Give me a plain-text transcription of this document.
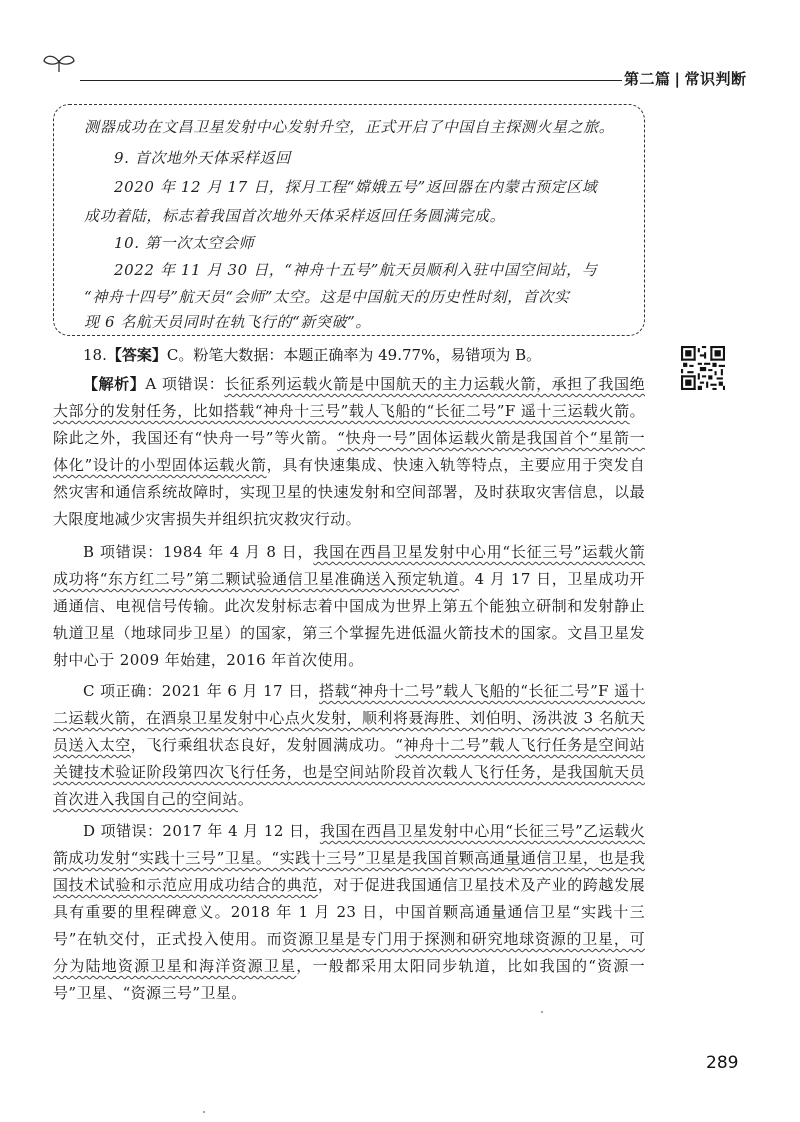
第二篇 | 常识判断
测器成功在文昌卫星发射中心发射升空，正式开启了中国自主探测火星之旅。
9. 首次地外天体采样返回
2020 年 12 月 17 日，探月工程“嫦娥五号”返回器在内蒙古预定区域
成功着陆，标志着我国首次地外天体采样返回任务圆满完成。
10. 第一次太空会师
2022 年 11 月 30 日，“神舟十五号”航天员顺利入驻中国空间站，与
“神舟十四号”航天员“会师”太空。这是中国航天的历史性时刻，首次实
现 6 名航天员同时在轨飞行的“新突破”。
18.【答案】C。粉笔大数据：本题正确率为 49.77%，易错项为 B。
【解析】A 项错误：长征系列运载火箭是中国航天的主力运载火箭，承担了我国绝大部分的发射任务，比如搭载“神舟十三号”载人飞船的“长征二号”F 遥十三运载火箭。除此之外，我国还有“快舟一号”等火箭。“快舟一号”固体运载火箭是我国首个“星箭一体化”设计的小型固体运载火箭，具有快速集成、快速入轨等特点，主要应用于突发自然灾害和通信系统故障时，实现卫星的快速发射和空间部署，及时获取灾害信息，以最大限度地减少灾害损失并组织抗灾救灾行动。
B 项错误：1984 年 4 月 8 日，我国在西昌卫星发射中心用“长征三号”运载火箭成功将“东方红二号”第二颗试验通信卫星准确送入预定轨道。4 月 17 日，卫星成功开通通信、电视信号传输。此次发射标志着中国成为世界上第五个能独立研制和发射静止轨道卫星（地球同步卫星）的国家，第三个掌握先进低温火箭技术的国家。文昌卫星发射中心于 2009 年始建，2016 年首次使用。
C 项正确：2021 年 6 月 17 日，搭载“神舟十二号”载人飞船的“长征二号”F 遥十二运载火箭，在酒泉卫星发射中心点火发射，顺利将聂海胜、刘伯明、汤洪波 3 名航天员送入太空，飞行乘组状态良好，发射圆满成功。“神舟十二号”载人飞行任务是空间站关键技术验证阶段第四次飞行任务，也是空间站阶段首次载人飞行任务，是我国航天员首次进入我国自己的空间站。
D 项错误：2017 年 4 月 12 日，我国在西昌卫星发射中心用“长征三号”乙运载火箭成功发射“实践十三号”卫星。“实践十三号”卫星是我国首颗高通量通信卫星，也是我国技术试验和示范应用成功结合的典范，对于促进我国通信卫星技术及产业的跨越发展具有重要的里程碑意义。2018 年 1 月 23 日，中国首颗高通量通信卫星“实践十三号”在轨交付，正式投入使用。而资源卫星是专门用于探测和研究地球资源的卫星，可分为陆地资源卫星和海洋资源卫星，一般都采用太阳同步轨道，比如我国的“资源一号”卫星、“资源三号”卫星。
289
